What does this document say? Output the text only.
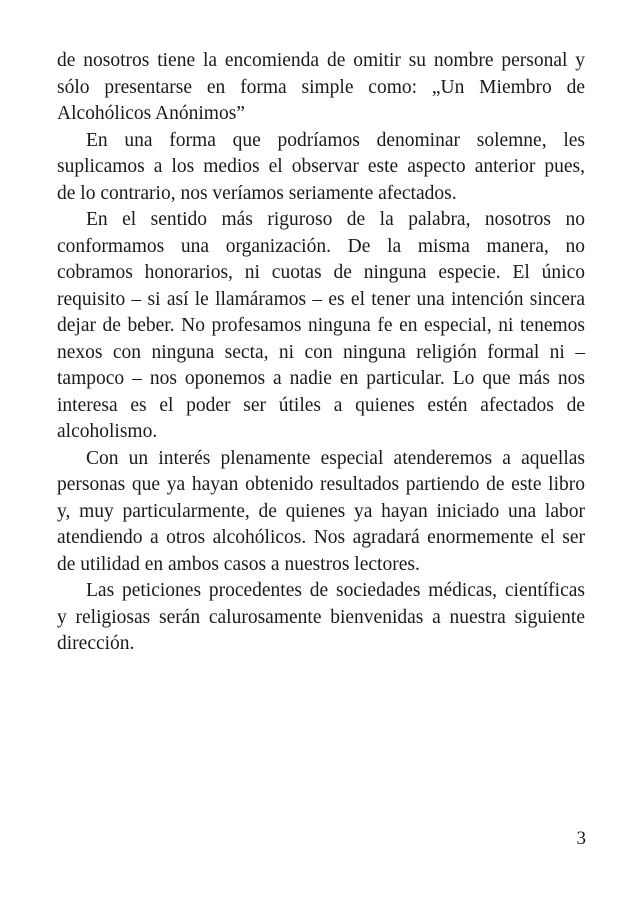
de nosotros tiene la encomienda de omitir su nombre personal y
sólo presentarse en forma simple como: „Un Miembro de
Alcohólicos Anónimos”
En una forma que podríamos denominar solemne, les
suplicamos a los medios el observar este aspecto anterior pues,
de lo contrario, nos veríamos seriamente afectados.
En el sentido más riguroso de la palabra, nosotros no
conformamos una organización. De la misma manera, no
cobramos honorarios, ni cuotas de ninguna especie. El único
requisito – si así le llamáramos – es el tener una intención sincera
dejar de beber. No profesamos ninguna fe en especial, ni tenemos
nexos con ninguna secta, ni con ninguna religión formal ni –
tampoco – nos oponemos a nadie en particular. Lo que más nos
interesa es el poder ser útiles a quienes estén afectados de
alcoholismo.
Con un interés plenamente especial atenderemos a aquellas
personas que ya hayan obtenido resultados partiendo de este libro
y, muy particularmente, de quienes ya hayan iniciado una labor
atendiendo a otros alcohólicos. Nos agradará enormemente el ser
de utilidad en ambos casos a nuestros lectores.
Las peticiones procedentes de sociedades médicas, científicas
y religiosas serán calurosamente bienvenidas a nuestra siguiente
dirección.
3
